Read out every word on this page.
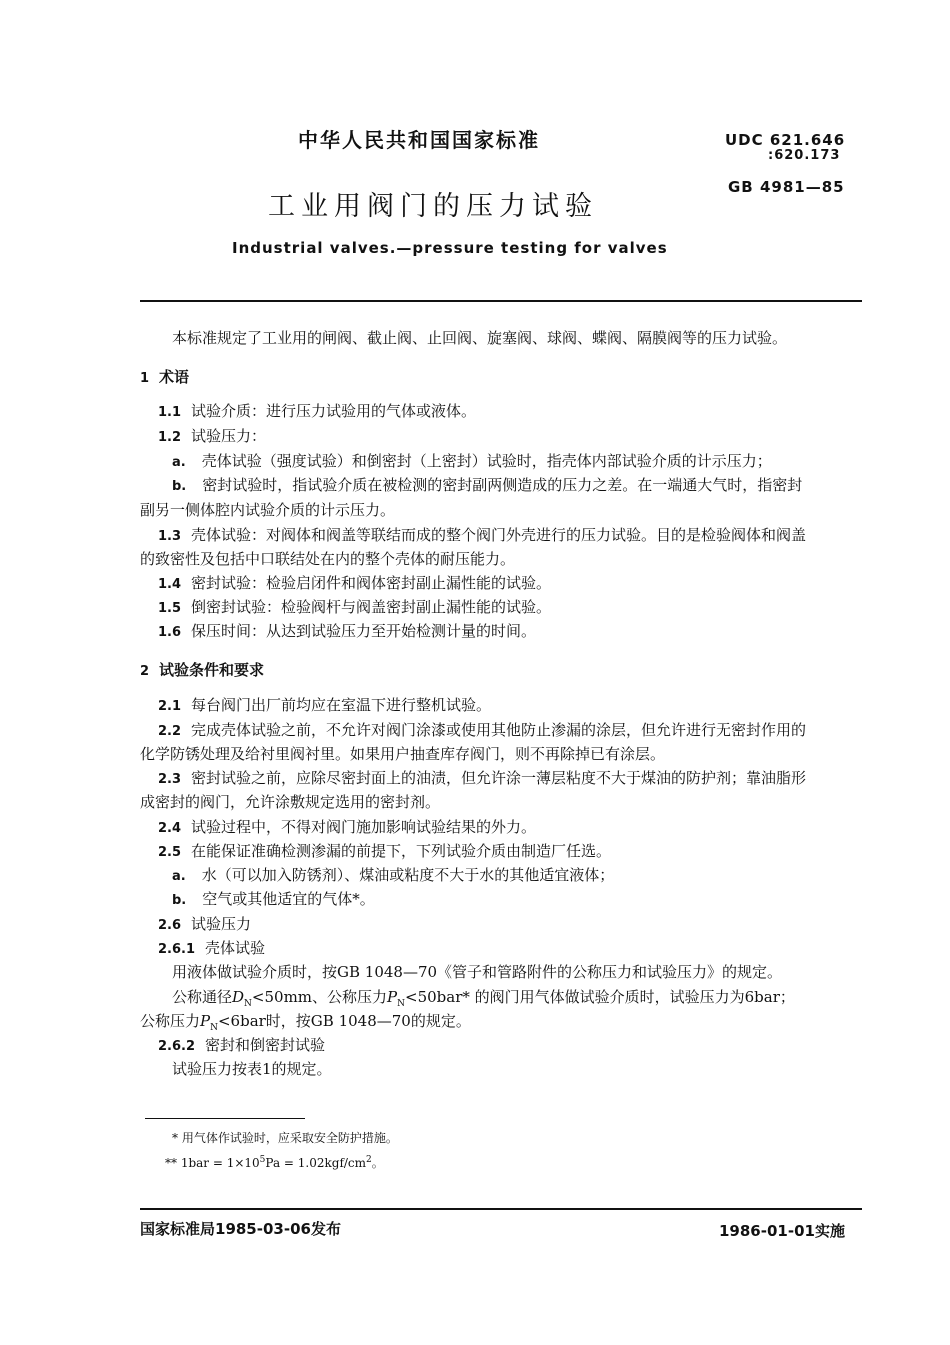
中华人民共和国国家标准	UDC 621.646
:620.173
GB 4981—85
工业用阀门的压力试验
Industrial valves.—pressure testing for valves
本标准规定了工业用的闸阀、截止阀、止回阀、旋塞阀、球阀、蝶阀、隔膜阀等的压力试验。
1 术语
1.1 试验介质：进行压力试验用的气体或液体。
1.2 试验压力：
a. 壳体试验（强度试验）和倒密封（上密封）试验时，指壳体内部试验介质的计示压力；
b. 密封试验时，指试验介质在被检测的密封副两侧造成的压力之差。在一端通大气时，指密封
副另一侧体腔内试验介质的计示压力。
1.3 壳体试验：对阀体和阀盖等联结而成的整个阀门外壳进行的压力试验。目的是检验阀体和阀盖
的致密性及包括中口联结处在内的整个壳体的耐压能力。
1.4 密封试验：检验启闭件和阀体密封副止漏性能的试验。
1.5 倒密封试验：检验阀杆与阀盖密封副止漏性能的试验。
1.6 保压时间：从达到试验压力至开始检测计量的时间。
2 试验条件和要求
2.1 每台阀门出厂前均应在室温下进行整机试验。
2.2 完成壳体试验之前，不允许对阀门涂漆或使用其他防止渗漏的涂层，但允许进行无密封作用的
化学防锈处理及给衬里阀衬里。如果用户抽查库存阀门，则不再除掉已有涂层。
2.3 密封试验之前，应除尽密封面上的油渍，但允许涂一薄层粘度不大于煤油的防护剂；靠油脂形
成密封的阀门，允许涂敷规定选用的密封剂。
2.4 试验过程中，不得对阀门施加影响试验结果的外力。
2.5 在能保证准确检测渗漏的前提下，下列试验介质由制造厂任选。
a. 水（可以加入防锈剂）、煤油或粘度不大于水的其他适宜液体；
b. 空气或其他适宜的气体*。
2.6 试验压力
2.6.1 壳体试验
用液体做试验介质时，按GB 1048—70《管子和管路附件的公称压力和试验压力》的规定。
公称通径$D_N<50mm$、公称压力$P_N<50bar*$ 的阀门用气体做试验介质时，试验压力为6bar；
公称压力$P_N<6bar$时，按GB 1048—70的规定。
2.6.2 密封和倒密封试验
试验压力按表1的规定。
* 用气体作试验时，应采取安全防护措施。
** $1bar = 1\times 10^5Pa = 1.02kgf/cm^2$。
国家标准局1985-03-06发布	1986-01-01实施
